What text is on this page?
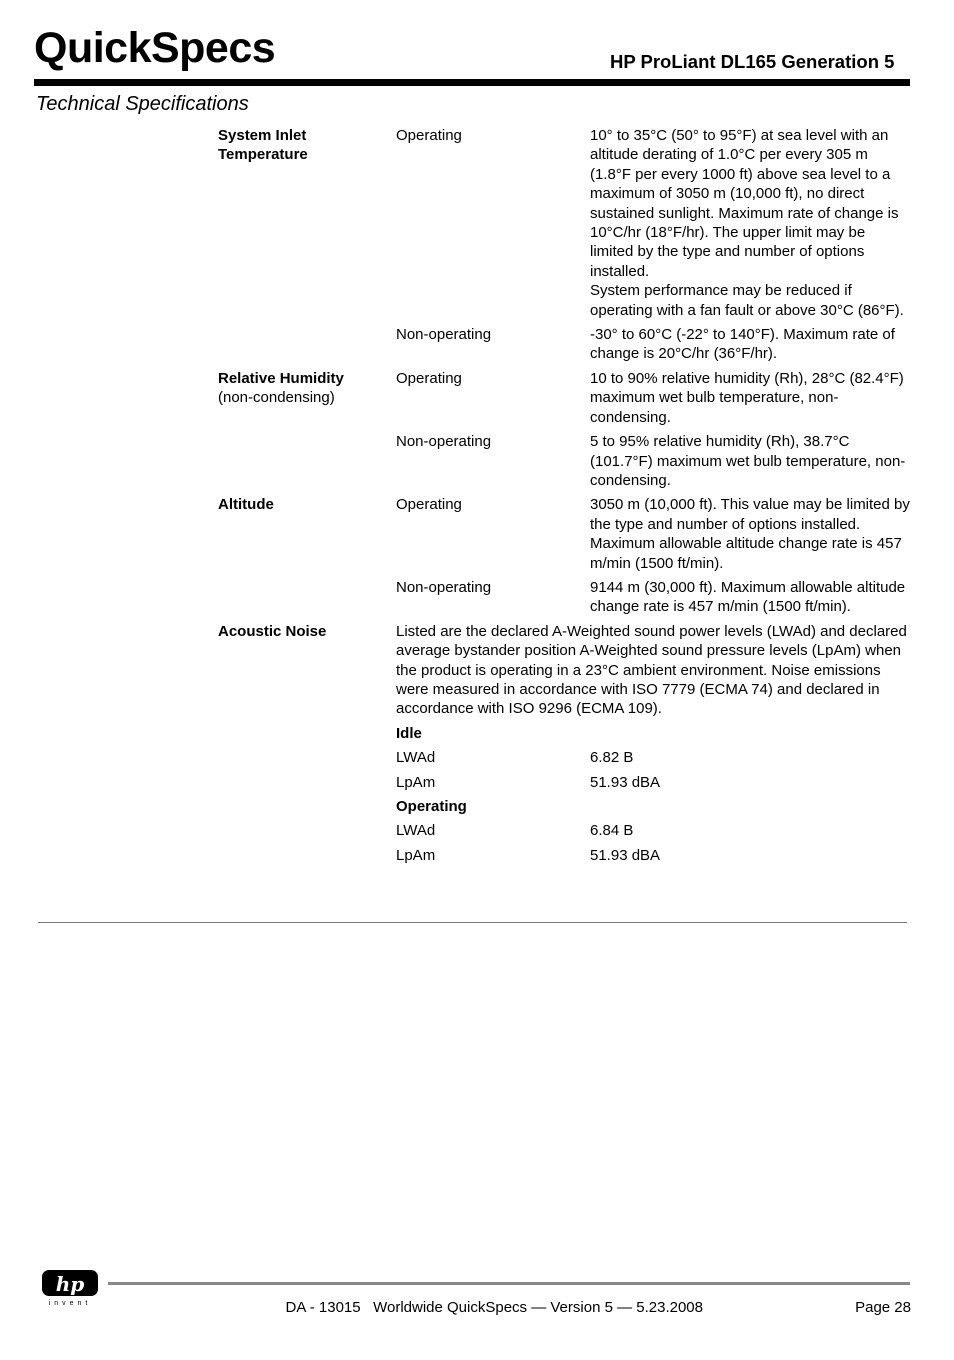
QuickSpecs	HP ProLiant DL165 Generation 5
Technical Specifications
System Inlet Temperature	Operating	10° to 35°C (50° to 95°F) at sea level with an altitude derating of 1.0°C per every 305 m (1.8°F per every 1000 ft) above sea level to a maximum of 3050 m (10,000 ft), no direct sustained sunlight. Maximum rate of change is 10°C/hr (18°F/hr). The upper limit may be limited by the type and number of options installed.
System performance may be reduced if operating with a fan fault or above 30°C (86°F).

	Non-operating	-30° to 60°C (-22° to 140°F). Maximum rate of change is 20°C/hr (36°F/hr).

Relative Humidity
(non-condensing)	Operating	10 to 90% relative humidity (Rh), 28°C (82.4°F) maximum wet bulb temperature, non-condensing.
	Non-operating	5 to 95% relative humidity (Rh), 38.7°C (101.7°F) maximum wet bulb temperature, non-condensing.
Altitude	Operating	3050 m (10,000 ft). This value may be limited by the type and number of options installed. Maximum allowable altitude change rate is 457 m/min (1500 ft/min).
	Non-operating	9144 m (30,000 ft). Maximum allowable altitude change rate is 457 m/min (1500 ft/min).
Acoustic Noise	Listed are the declared A-Weighted sound power levels (LWAd) and declared average bystander position A-Weighted sound pressure levels (LpAm) when the product is operating in a 23°C ambient environment. Noise emissions were measured in accordance with ISO 7779 (ECMA 74) and declared in accordance with ISO 9296 (ECMA 109).	
	Idle	
	LWAd	6.82 B
	LpAm	51.93 dBA
	Operating	
	LWAd	6.84 B
	LpAm	51.93 dBA
hp
invent	DA - 13015   Worldwide QuickSpecs — Version 5 — 5.23.2008	Page 28
